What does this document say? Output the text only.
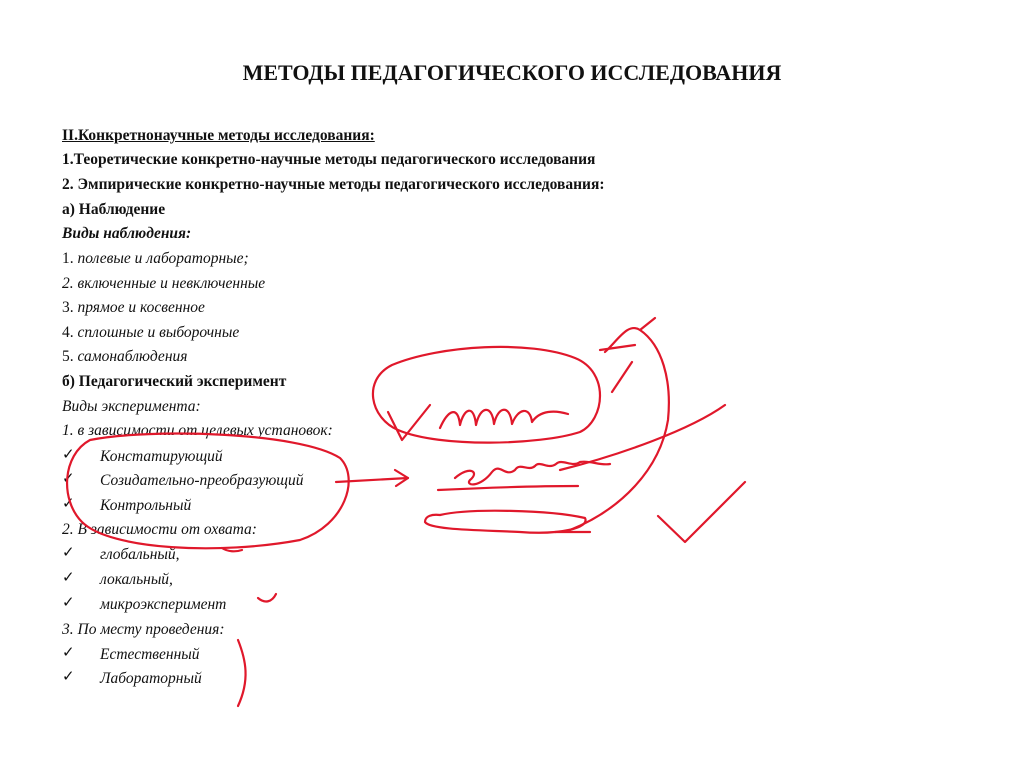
МЕТОДЫ ПЕДАГОГИЧЕСКОГО ИССЛЕДОВАНИЯ
II.Конкретнонаучные методы исследования:
1.Теоретические конкретно-научные методы педагогического исследования
2. Эмпирические конкретно-научные методы педагогического исследования:
а) Наблюдение
Виды наблюдения:
1. полевые и лабораторные;
2. включенные и невключенные
3. прямое и косвенное
4. сплошные и выборочные
5. самонаблюдения
б) Педагогический эксперимент
Виды эксперимента:
1. в зависимости от целевых установок:
✓ Констатирующий
✓ Созидательно-преобразующий
✓ Контрольный
2. В зависимости от охвата:
✓ глобальный,
✓ локальный,
✓ микроэксперимент
3. По месту проведения:
✓ Естественный
✓ Лабораторный
